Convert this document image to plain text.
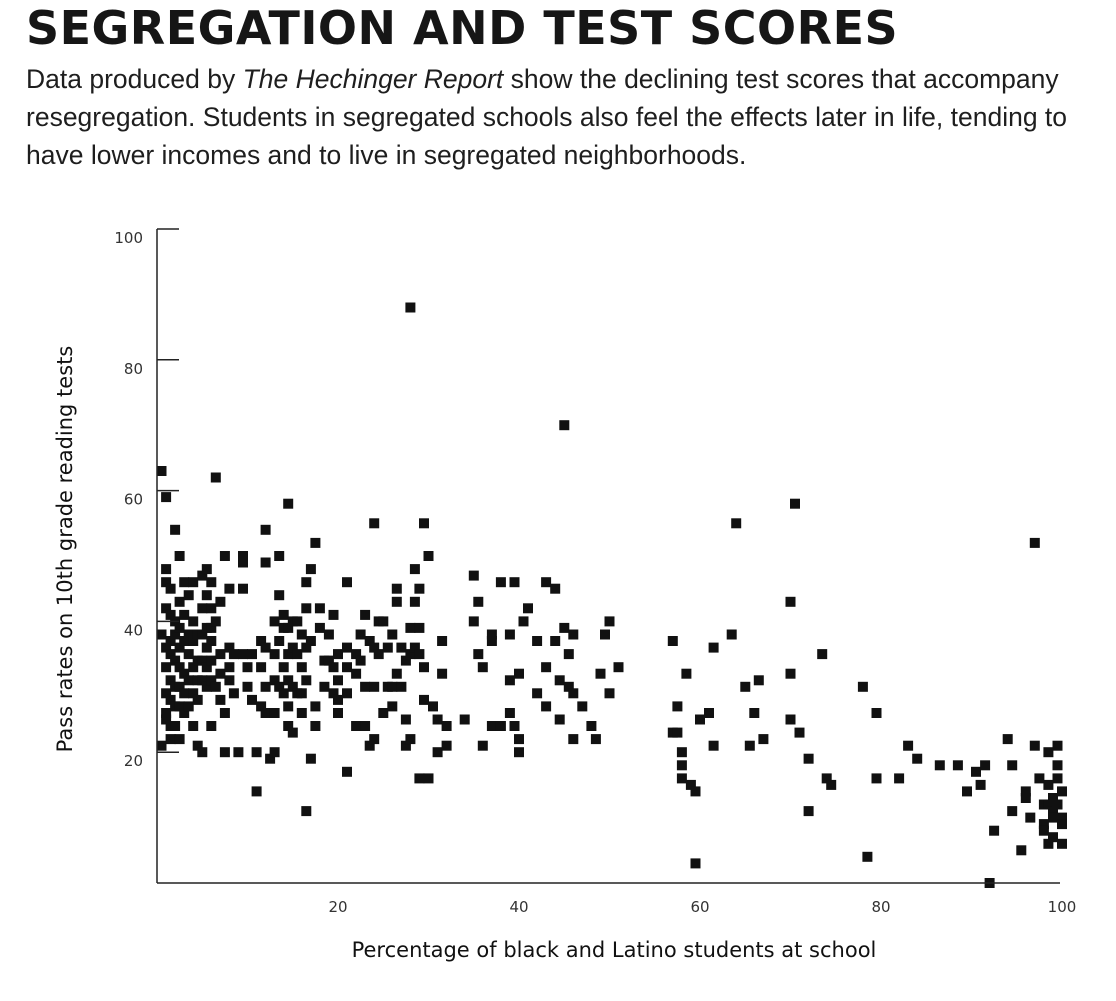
SEGREGATION AND TEST SCORES

Data produced by The Hechinger Report show the declining test scores that accompany resegregation. Students in segregated schools also feel the effects later in life, tending to have lower incomes and to live in segregated neighborhoods.

20	40	60	80	100
20
40
60
80
100
Percentage of black and Latino students at school
Pass rates on 10th grade reading tests
